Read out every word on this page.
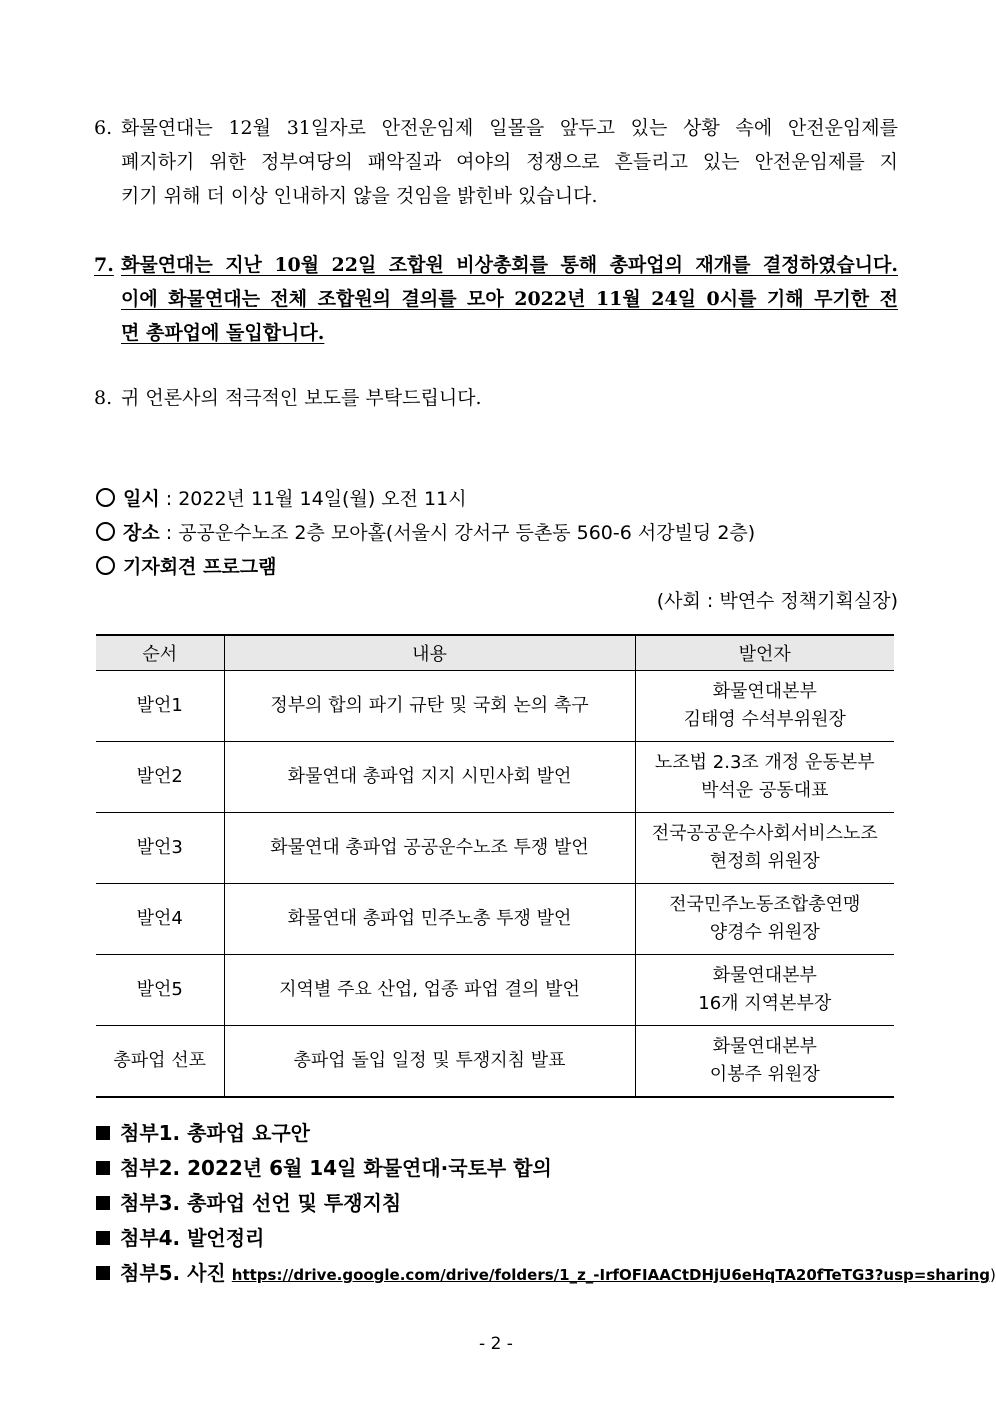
6. 화물연대는 12월 31일자로 안전운임제 일몰을 앞두고 있는 상황 속에 안전운임제를
폐지하기 위한 정부여당의 패악질과 여야의 정쟁으로 흔들리고 있는 안전운임제를 지
키기 위해 더 이상 인내하지 않을 것임을 밝힌바 있습니다.
7. 화물연대는 지난 10월 22일 조합원 비상총회를 통해 총파업의 재개를 결정하였습니다.
이에 화물연대는 전체 조합원의 결의를 모아 2022년 11월 24일 0시를 기해 무기한 전
면 총파업에 돌입합니다.
8. 귀 언론사의 적극적인 보도를 부탁드립니다.
일시 : 2022년 11월 14일(월) 오전 11시
장소 : 공공운수노조 2층 모아홀(서울시 강서구 등촌동 560-6 서강빌딩 2층)
기자회견 프로그램
(사회 : 박연수 정책기획실장)
순서	내용	발언자
발언1	정부의 합의 파기 규탄 및 국회 논의 촉구	화물연대본부
김태영 수석부위원장

발언2	화물연대 총파업 지지 시민사회 발언	노조법 2.3조 개정 운동본부
박석운 공동대표

발언3	화물연대 총파업 공공운수노조 투쟁 발언	전국공공운수사회서비스노조
현정희 위원장

발언4	화물연대 총파업 민주노총 투쟁 발언	전국민주노동조합총연맹
양경수 위원장

발언5	지역별 주요 산업, 업종 파업 결의 발언	화물연대본부
16개 지역본부장

총파업 선포	총파업 돌입 일정 및 투쟁지침 발표	화물연대본부
이봉주 위원장
첨부1. 총파업 요구안
첨부2. 2022년 6월 14일 화물연대·국토부 합의
첨부3. 총파업 선언 및 투쟁지침
첨부4. 발언정리
첨부5. 사진 https://drive.google.com/drive/folders/1_z_-IrfOFIAACtDHjU6eHqTA20fTeTG3?usp=sharing)
- 2 -
